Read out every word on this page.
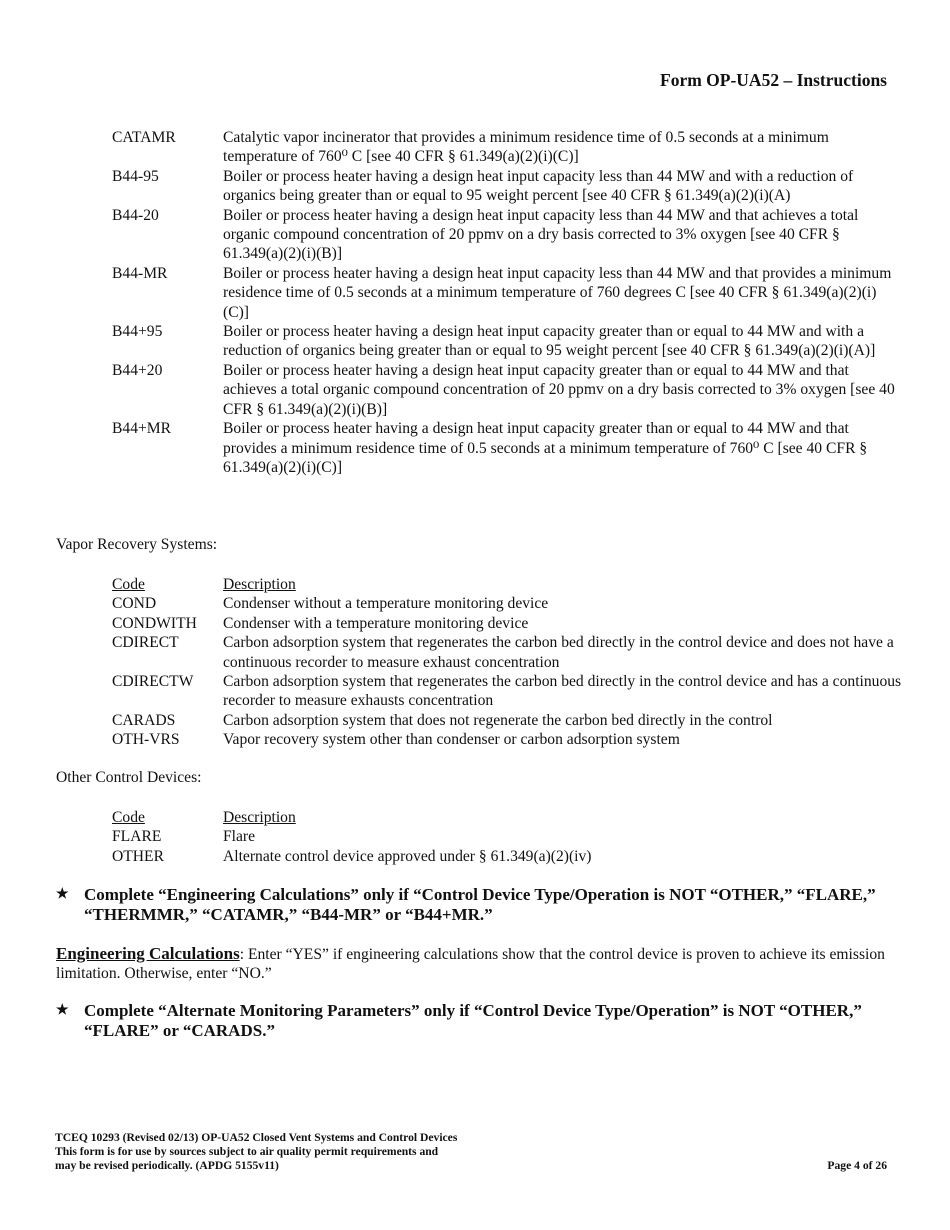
Form OP-UA52 – Instructions
CATAMR	Catalytic vapor incinerator that provides a minimum residence time of 0.5 seconds at a minimum temperature of 760⁰ C [see 40 CFR § 61.349(a)(2)(i)(C)]
B44-95	Boiler or process heater having a design heat input capacity less than 44 MW and with a reduction of organics being greater than or equal to 95 weight percent [see 40 CFR § 61.349(a)(2)(i)(A)
B44-20	Boiler or process heater having a design heat input capacity less than 44 MW and that achieves a total organic compound concentration of 20 ppmv on a dry basis corrected to 3% oxygen [see 40 CFR § 61.349(a)(2)(i)(B)]
B44-MR	Boiler or process heater having a design heat input capacity less than 44 MW and that provides a minimum residence time of 0.5 seconds at a minimum temperature of 760 degrees C [see 40 CFR § 61.349(a)(2)(i)(C)]
B44+95	Boiler or process heater having a design heat input capacity greater than or equal to 44 MW and with a reduction of organics being greater than or equal to 95 weight percent [see 40 CFR § 61.349(a)(2)(i)(A)]
B44+20	Boiler or process heater having a design heat input capacity greater than or equal to 44 MW and that achieves a total organic compound concentration of 20 ppmv on a dry basis corrected to 3% oxygen [see 40 CFR § 61.349(a)(2)(i)(B)]
B44+MR	Boiler or process heater having a design heat input capacity greater than or equal to 44 MW and that provides a minimum residence time of 0.5 seconds at a minimum temperature of 760⁰ C [see 40 CFR § 61.349(a)(2)(i)(C)]
Vapor Recovery Systems:
Code	Description
COND	Condenser without a temperature monitoring device
CONDWITH	Condenser with a temperature monitoring device
CDIRECT	Carbon adsorption system that regenerates the carbon bed directly in the control device and does not have a continuous recorder to measure exhaust concentration
CDIRECTW	Carbon adsorption system that regenerates the carbon bed directly in the control device and has a continuous recorder to measure exhausts concentration
CARADS	Carbon adsorption system that does not regenerate the carbon bed directly in the control
OTH-VRS	Vapor recovery system other than condenser or carbon adsorption system
Other Control Devices:
Code	Description
FLARE	Flare
OTHER	Alternate control device approved under § 61.349(a)(2)(iv)
★ Complete “Engineering Calculations” only if “Control Device Type/Operation is NOT “OTHER,” “FLARE,” “THERMMR,” “CATAMR,” “B44-MR” or “B44+MR.”
Engineering Calculations: Enter “YES” if engineering calculations show that the control device is proven to achieve its emission limitation. Otherwise, enter “NO.”
★ Complete “Alternate Monitoring Parameters” only if “Control Device Type/Operation” is NOT “OTHER,” “FLARE” or “CARADS.”
TCEQ 10293 (Revised 02/13) OP-UA52 Closed Vent Systems and Control Devices
This form is for use by sources subject to air quality permit requirements and
may be revised periodically. (APDG 5155v11)	Page 4 of 26
